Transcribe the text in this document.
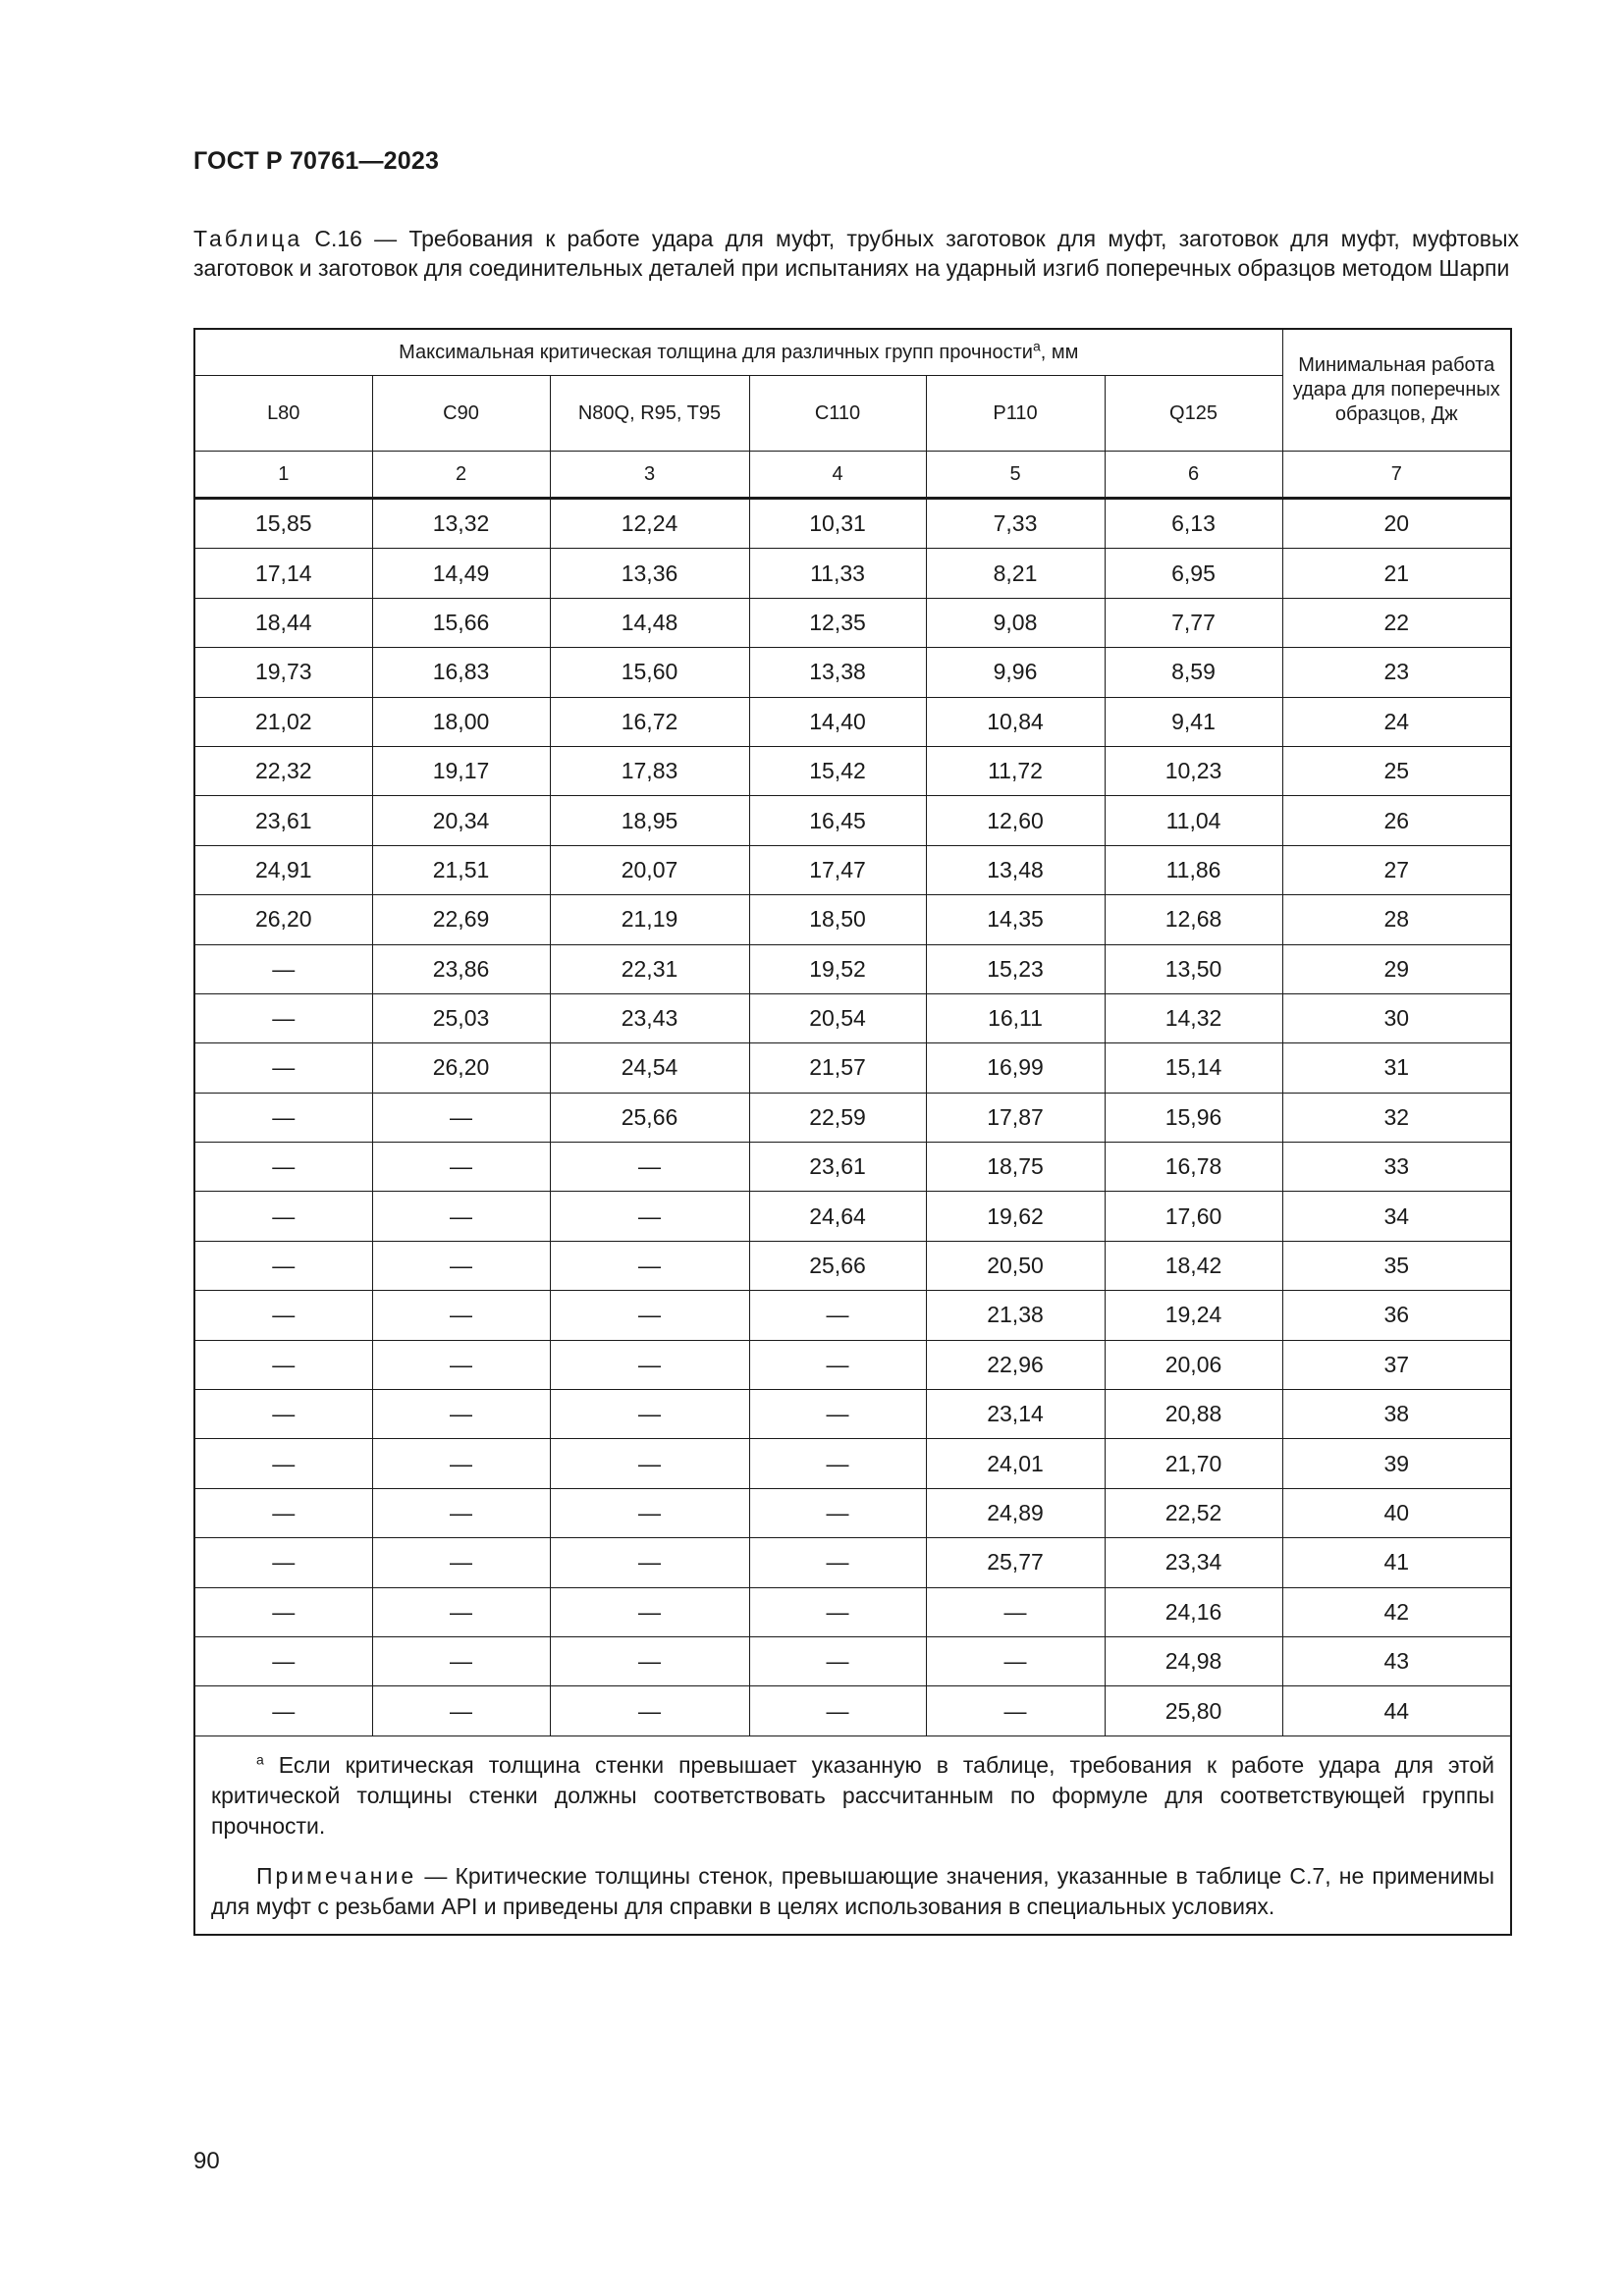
ГОСТ Р 70761—2023
Таблица С.16 — Требования к работе удара для муфт, трубных заготовок для муфт, заготовок для муфт, муфтовых заготовок и заготовок для соединительных деталей при испытаниях на ударный изгиб поперечных образцов методом Шарпи
Максимальная критическая толщина для различных групп прочности$^a$, мм						Минимальная работа удара для поперечных образцов, Дж
L80	C90	N80Q, R95, T95	C110	P110	Q125	
1	2	3	4	5	6	7
15,85	13,32	12,24	10,31	7,33	6,13	20
17,14	14,49	13,36	11,33	8,21	6,95	21
18,44	15,66	14,48	12,35	9,08	7,77	22
19,73	16,83	15,60	13,38	9,96	8,59	23
21,02	18,00	16,72	14,40	10,84	9,41	24
22,32	19,17	17,83	15,42	11,72	10,23	25
23,61	20,34	18,95	16,45	12,60	11,04	26
24,91	21,51	20,07	17,47	13,48	11,86	27
26,20	22,69	21,19	18,50	14,35	12,68	28
—	23,86	22,31	19,52	15,23	13,50	29
—	25,03	23,43	20,54	16,11	14,32	30
—	26,20	24,54	21,57	16,99	15,14	31
—	—	25,66	22,59	17,87	15,96	32
—	—	—	23,61	18,75	16,78	33
—	—	—	24,64	19,62	17,60	34
—	—	—	25,66	20,50	18,42	35
—	—	—	—	21,38	19,24	36
—	—	—	—	22,96	20,06	37
—	—	—	—	23,14	20,88	38
—	—	—	—	24,01	21,70	39
—	—	—	—	24,89	22,52	40
—	—	—	—	25,77	23,34	41
—	—	—	—	—	24,16	42
—	—	—	—	—	24,98	43
—	—	—	—	—	25,80	44

$^a$ Если критическая толщина стенки превышает указанную в таблице, требования к работе удара для этой критической толщины стенки должны соответствовать рассчитанным по формуле для соответствующей группы прочности.

Примечание — Критические толщины стенок, превышающие значения, указанные в таблице С.7, не применимы для муфт с резьбами API и приведены для справки в целях использования в специальных условиях.						

90
